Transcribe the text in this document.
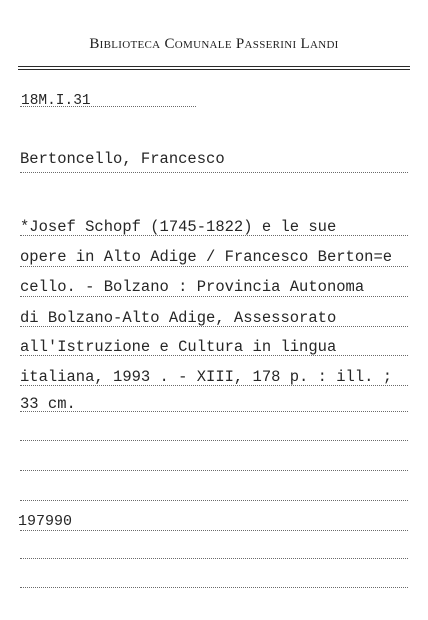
Biblioteca Comunale Passerini Landi
18M.I.31
Bertoncello, Francesco
*Josef Schopf (1745-1822) e le sue
opere in Alto Adige / Francesco Berton=e
cello. - Bolzano : Provincia Autonoma
di Bolzano-Alto Adige, Assessorato
all'Istruzione e Cultura in lingua
italiana, 1993 . - XIII, 178 p. : ill. ;
33 cm.
197990
